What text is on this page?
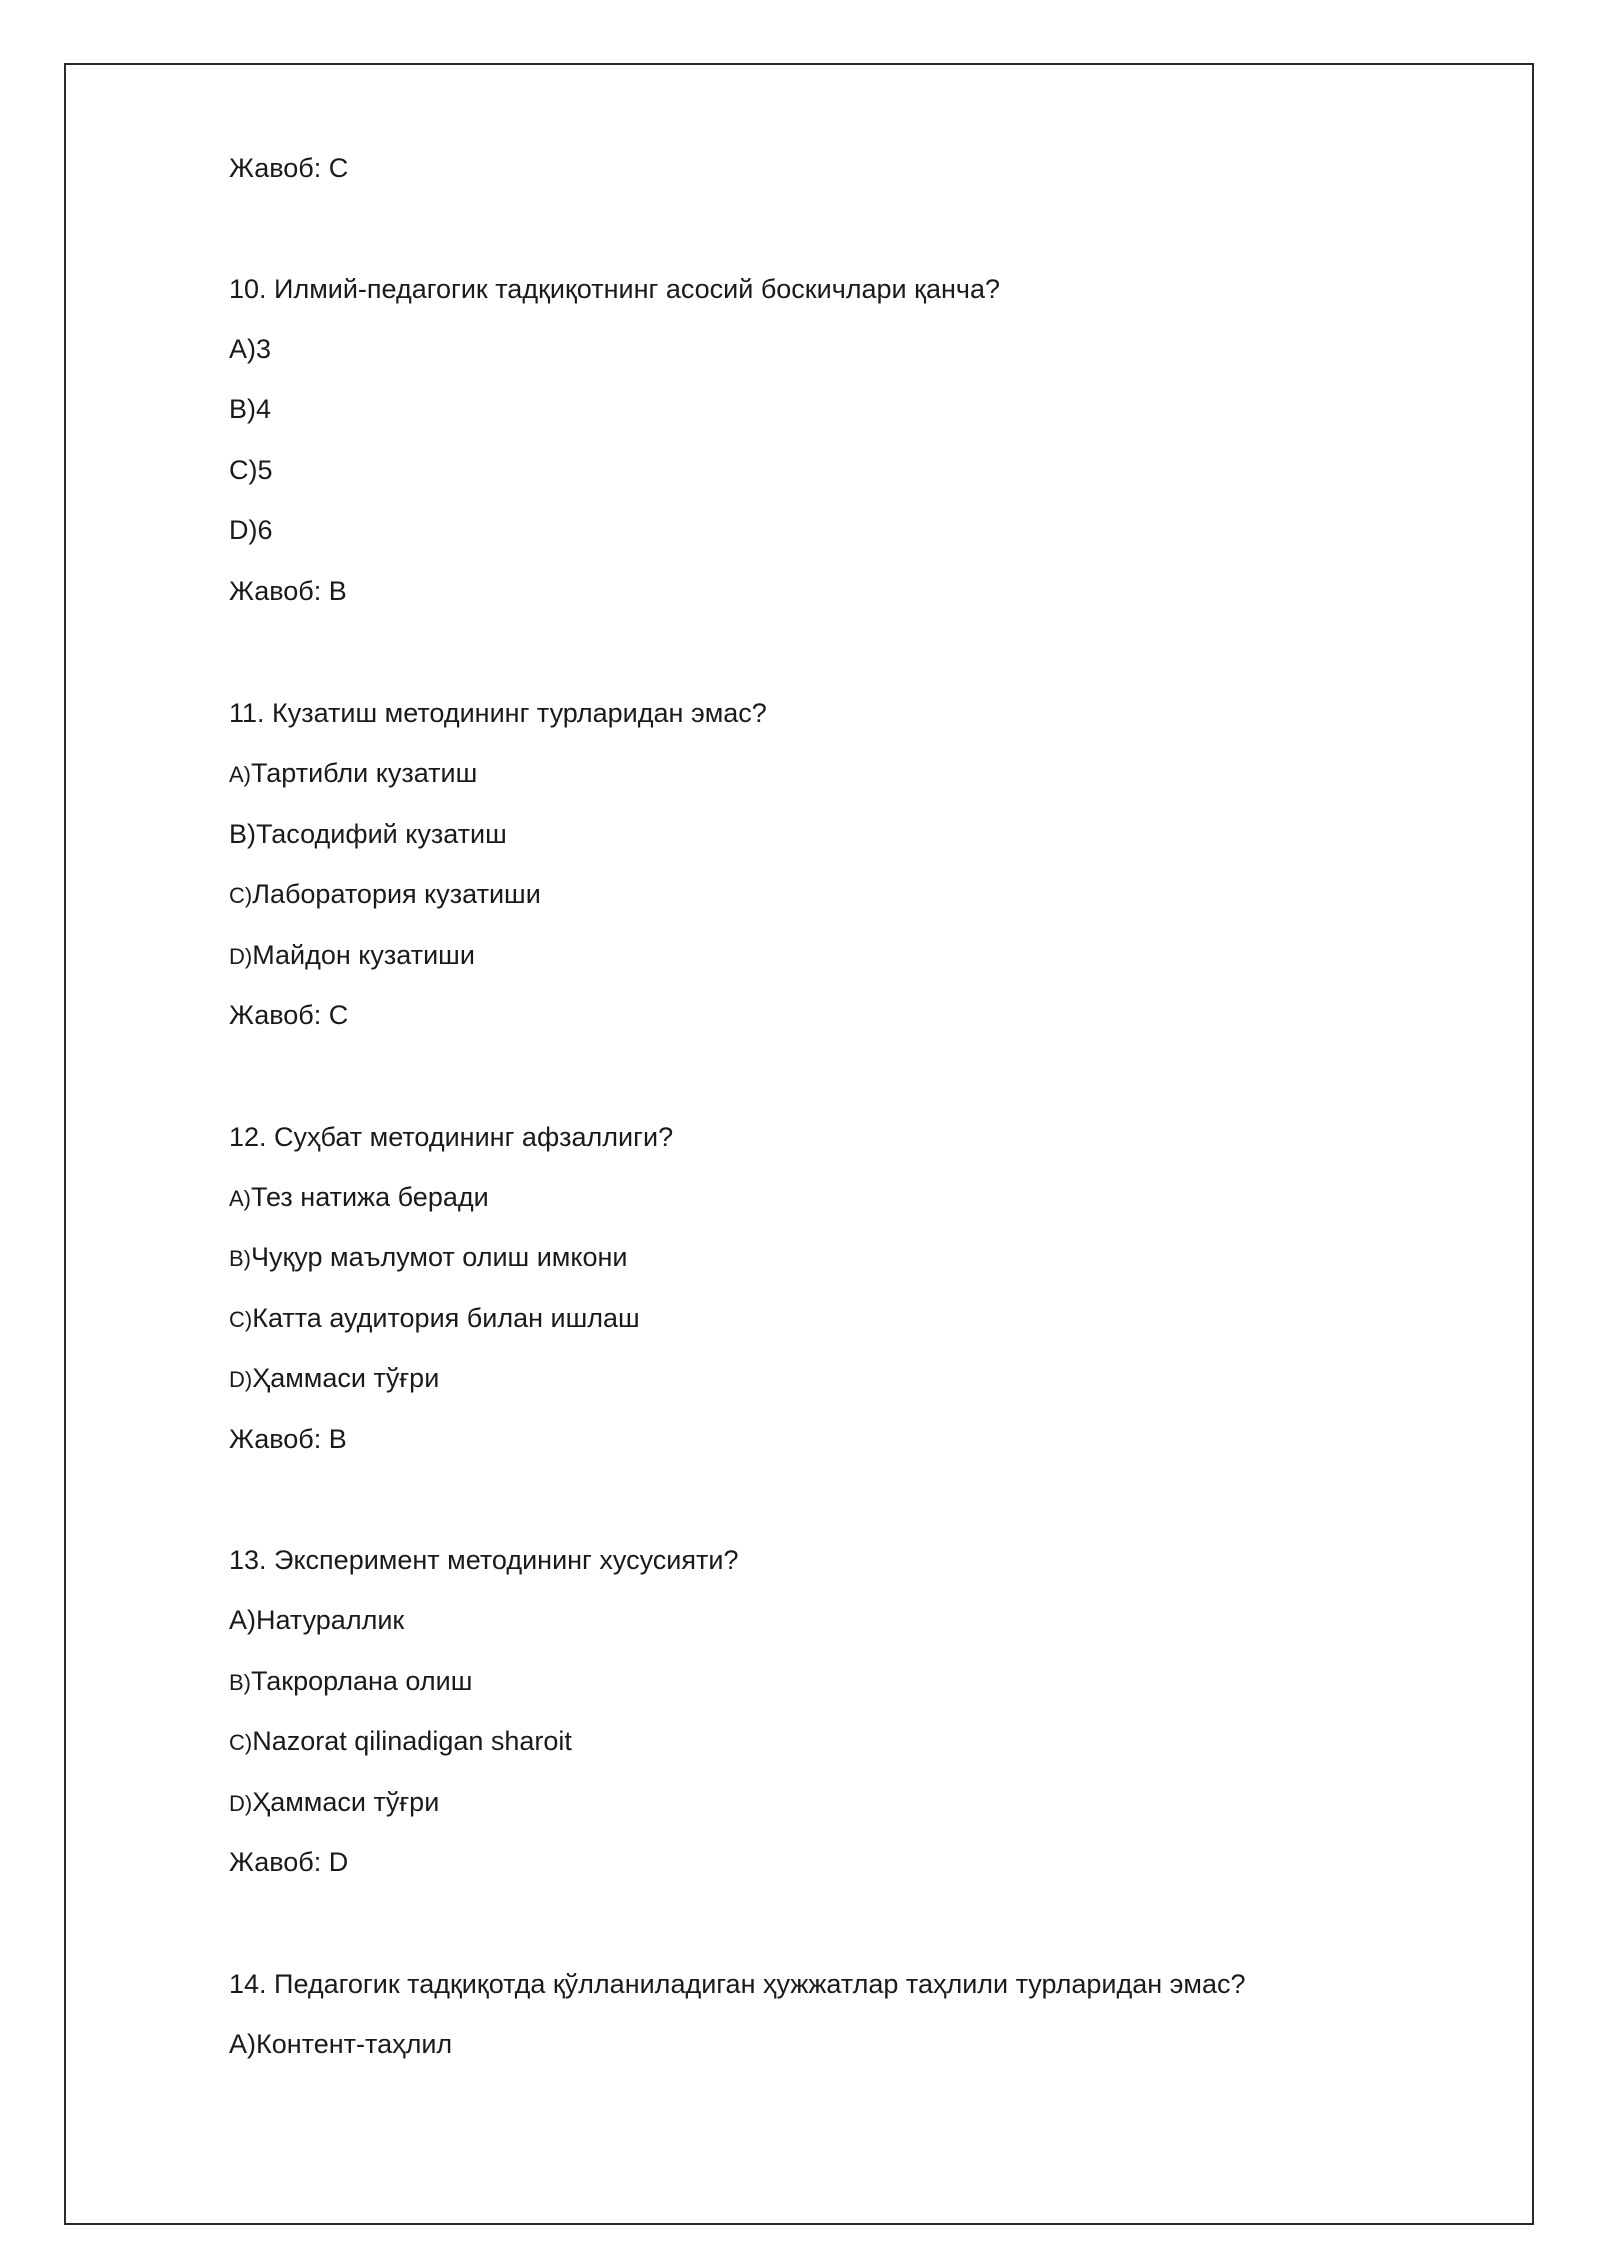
Жавоб: C
10. Илмий-педагогик тадқиқотнинг асосий боскичлари қанча?
A)3
B)4
C)5
D)6
Жавоб: B
11. Кузатиш методининг турларидан эмас?
A)Тартибли кузатиш
B)Тасодифий кузатиш
C)Лаборатория кузатиши
D)Майдон кузатиши
Жавоб: C
12. Суҳбат методининг афзаллиги?
A)Тез натижа беради
B)Чуқур маълумот олиш имкони
C)Катта аудитория билан ишлаш
D)Ҳаммаси тўғри
Жавоб: B
13. Эксперимент методининг хусусияти?
A)Натураллик
B)Такрорлана олиш
C)Nazorat qilinadigan sharoit
D)Ҳаммаси тўғри
Жавоб: D
14. Педагогик тадқиқотда қўлланиладиган ҳужжатлар таҳлили турларидан эмас?
A)Контент-таҳлил
